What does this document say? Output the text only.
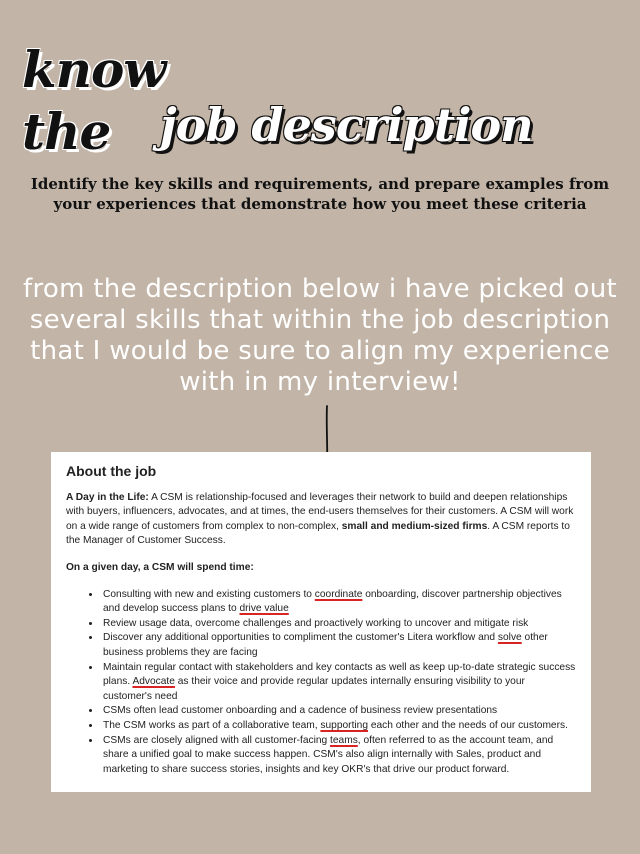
know
the job description
Identify the key skills and requirements, and prepare examples from your experiences that demonstrate how you meet these criteria
from the description below i have picked out several skills that within the job description that I would be sure to align my experience with in my interview!
About the job

A Day in the Life: A CSM is relationship-focused and leverages their network to build and deepen relationships with buyers, influencers, advocates, and at times, the end-users themselves for their customers. A CSM will work on a wide range of customers from complex to non-complex, small and medium-sized firms. A CSM reports to the Manager of Customer Success.

On a given day, a CSM will spend time:
• Consulting with new and existing customers to coordinate onboarding, discover partnership objectives and develop success plans to drive value
• Review usage data, overcome challenges and proactively working to uncover and mitigate risk
• Discover any additional opportunities to compliment the customer's Litera workflow and solve other business problems they are facing
• Maintain regular contact with stakeholders and key contacts as well as keep up-to-date strategic success plans. Advocate as their voice and provide regular updates internally ensuring visibility to your customer's need
• CSMs often lead customer onboarding and a cadence of business review presentations
• The CSM works as part of a collaborative team, supporting each other and the needs of our customers.
• CSMs are closely aligned with all customer-facing teams, often referred to as the account team, and share a unified goal to make success happen. CSM's also align internally with Sales, product and marketing to share success stories, insights and key OKR's that drive our product forward.
